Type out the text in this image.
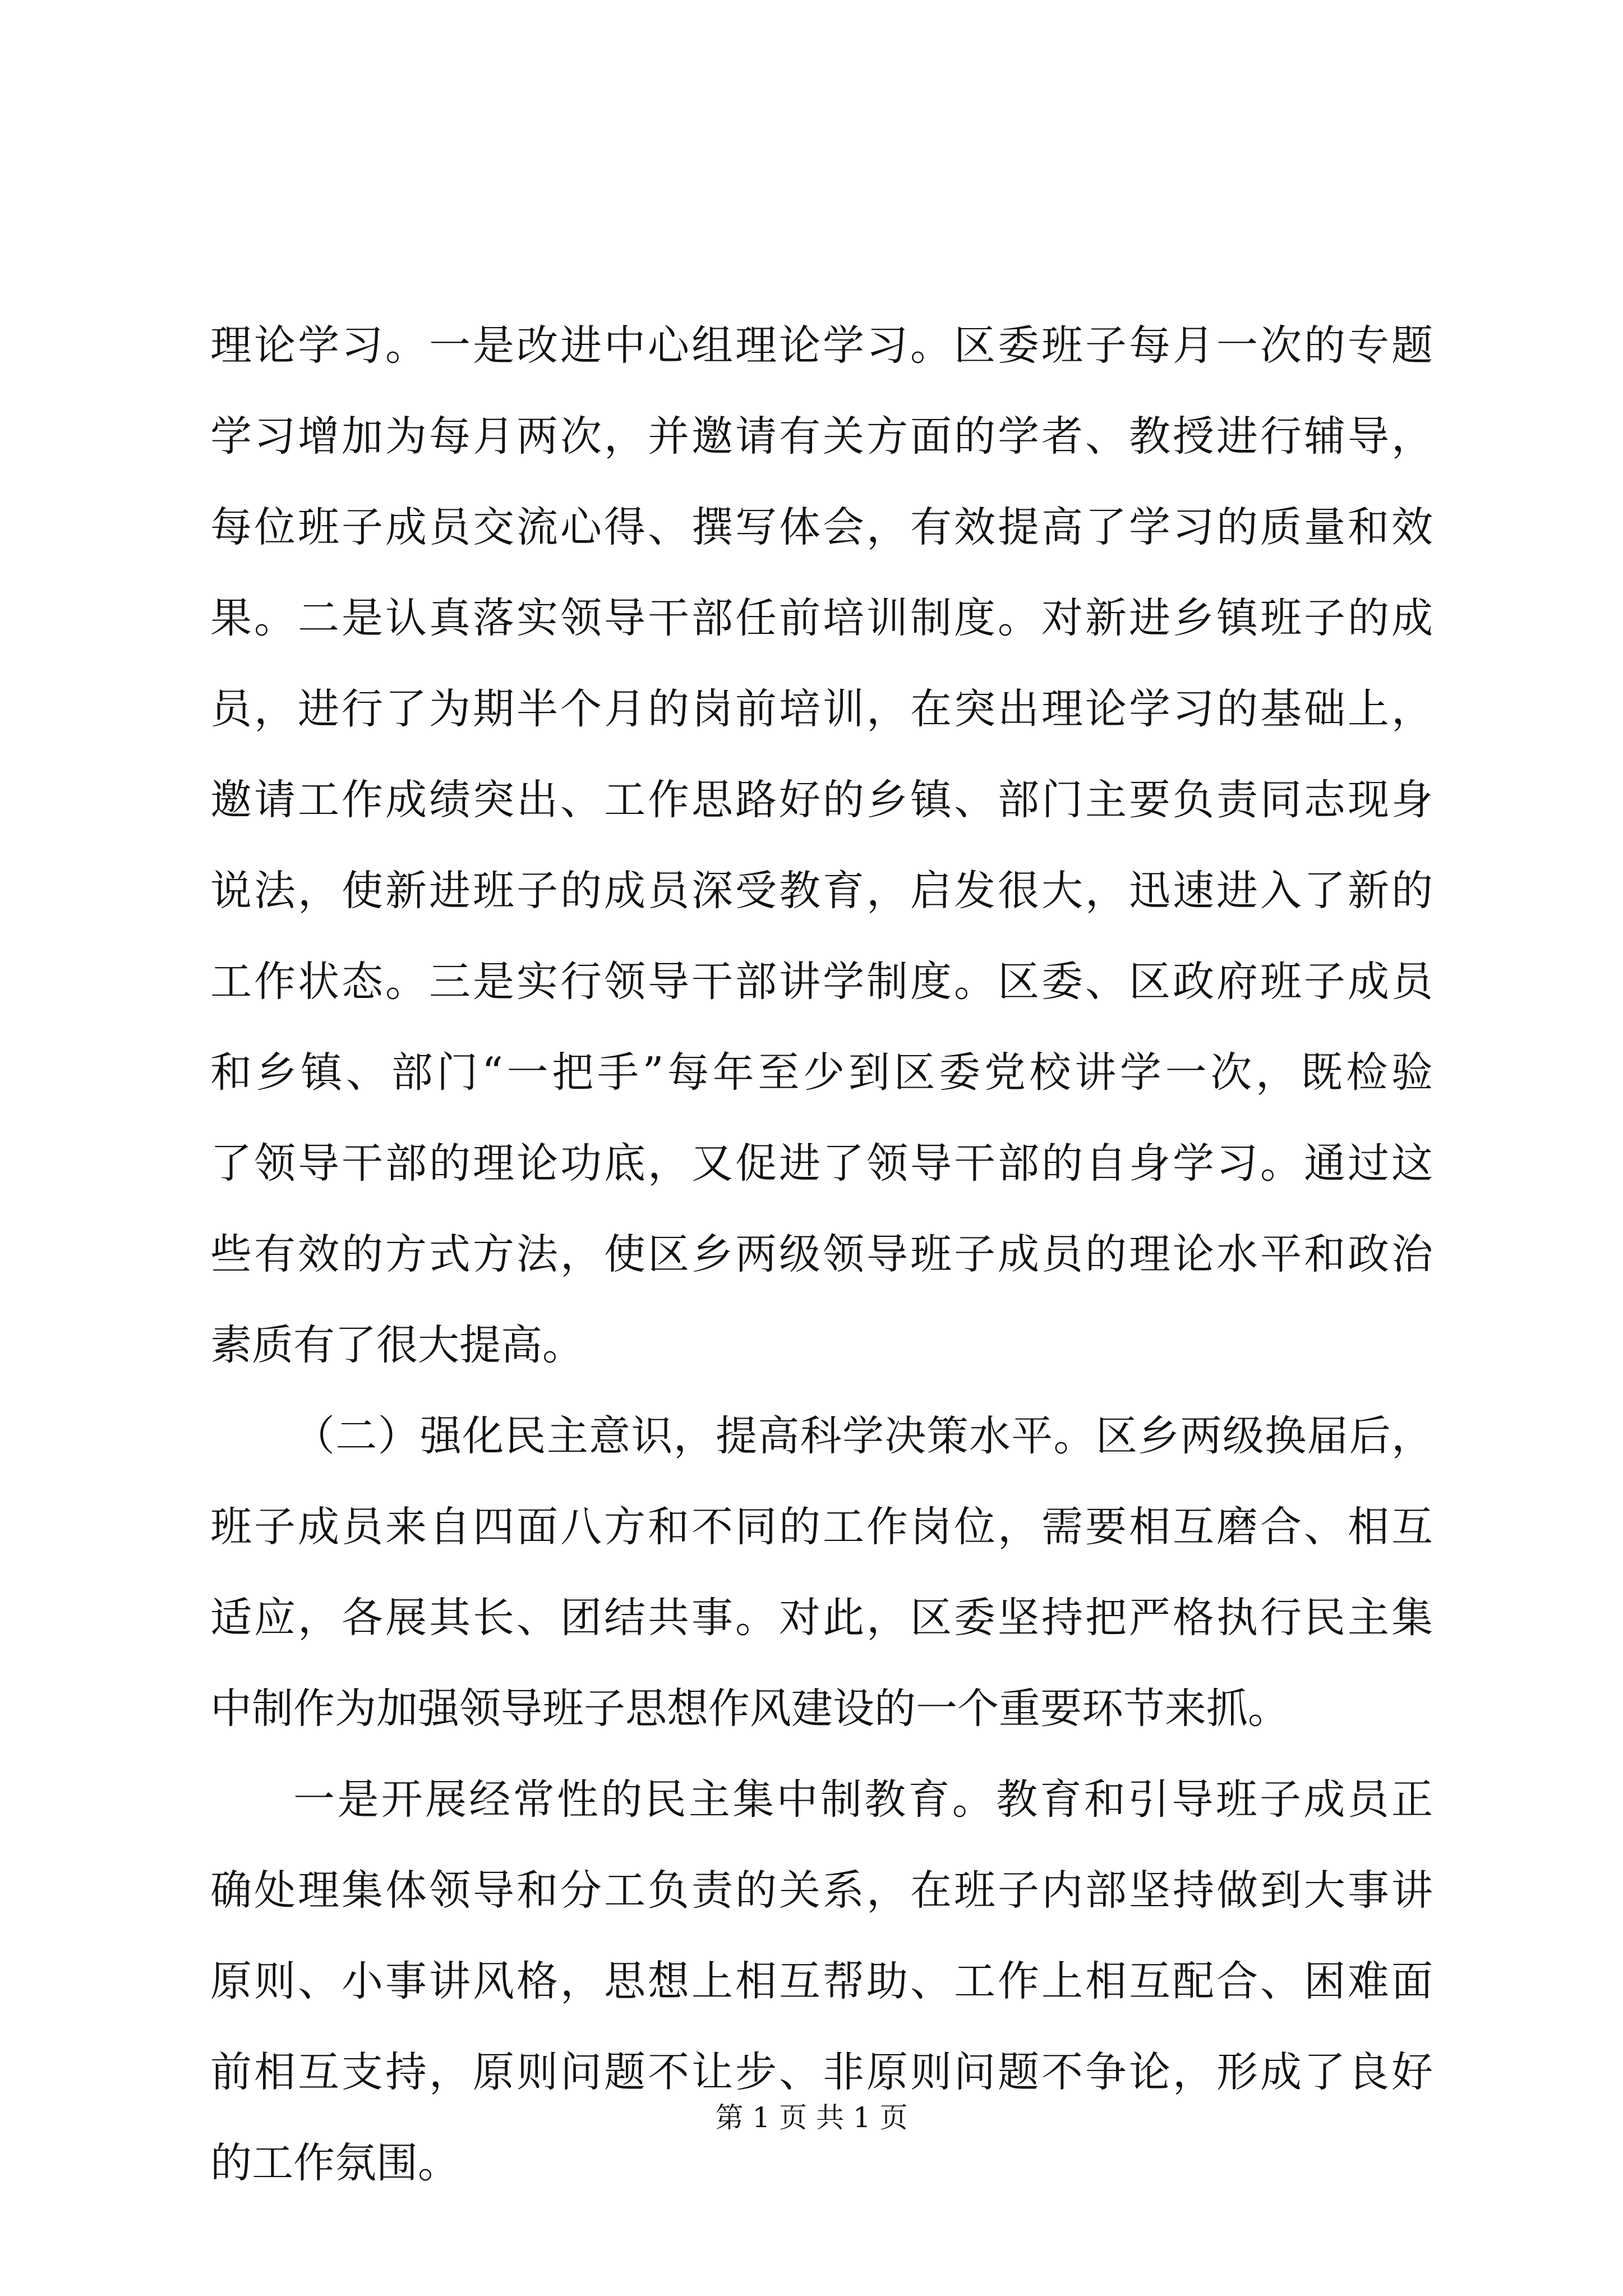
理论学习。一是改进中心组理论学习。区委班子每月一次的专题
学习增加为每月两次，并邀请有关方面的学者、教授进行辅导，
每位班子成员交流心得、撰写体会，有效提高了学习的质量和效
果。二是认真落实领导干部任前培训制度。对新进乡镇班子的成
员，进行了为期半个月的岗前培训，在突出理论学习的基础上，
邀请工作成绩突出、工作思路好的乡镇、部门主要负责同志现身
说法，使新进班子的成员深受教育，启发很大，迅速进入了新的
工作状态。三是实行领导干部讲学制度。区委、区政府班子成员
和乡镇、部门“一把手”每年至少到区委党校讲学一次，既检验
了领导干部的理论功底，又促进了领导干部的自身学习。通过这
些有效的方式方法，使区乡两级领导班子成员的理论水平和政治
素质有了很大提高。
（二）强化民主意识，提高科学决策水平。区乡两级换届后，
班子成员来自四面八方和不同的工作岗位，需要相互磨合、相互
适应，各展其长、团结共事。对此，区委坚持把严格执行民主集
中制作为加强领导班子思想作风建设的一个重要环节来抓。
一是开展经常性的民主集中制教育。教育和引导班子成员正
确处理集体领导和分工负责的关系，在班子内部坚持做到大事讲
原则、小事讲风格，思想上相互帮助、工作上相互配合、困难面
前相互支持，原则问题不让步、非原则问题不争论，形成了良好
的工作氛围。
第 1 页 共 1 页
